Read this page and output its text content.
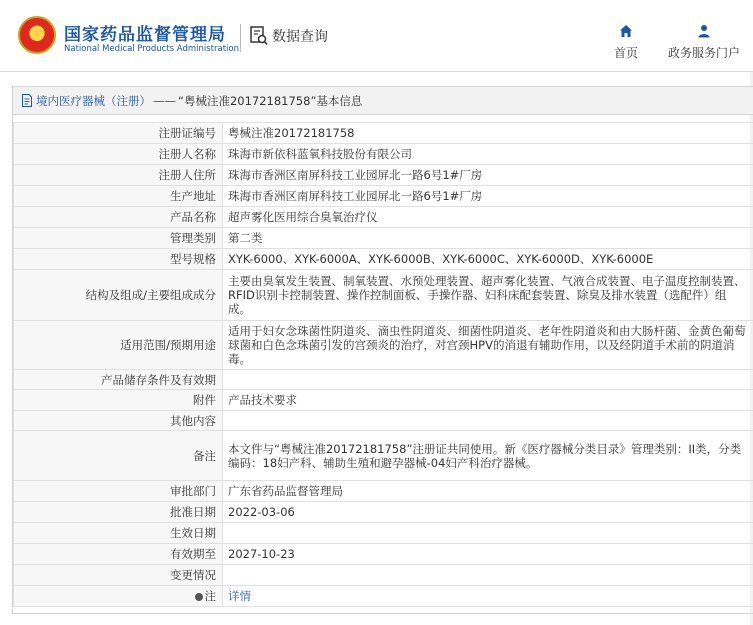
★ 国家药品监督管理局
National Medical Products Administration
数据查询
首页	政务服务门户
境内医疗器械（注册） —— “粤械注准20172181758”基本信息
注册证编号	粤械注准20172181758
注册人名称	珠海市新依科蓝氧科技股份有限公司
注册人住所	珠海市香洲区南屏科技工业园屏北一路6号1#厂房
生产地址	珠海市香洲区南屏科技工业园屏北一路6号1#厂房
产品名称	超声雾化医用综合臭氧治疗仪
管理类别	第二类
型号规格	XYK-6000、XYK-6000A、XYK-6000B、XYK-6000C、XYK-6000D、XYK-6000E
结构及组成/主要组成成分	主要由臭氧发生装置、制氧装置、水预处理装置、超声雾化装置、气液合成装置、电子温度控制装置、RFID识别卡控制装置、操作控制面板、手操作器、妇科床配套装置、除臭及排水装置（选配件）组成。
适用范围/预期用途	适用于妇女念珠菌性阴道炎、滴虫性阴道炎、细菌性阴道炎、老年性阴道炎和由大肠杆菌、金黄色葡萄球菌和白色念珠菌引发的宫颈炎的治疗，对宫颈HPV的消退有辅助作用，以及经阴道手术前的阴道消毒。
产品储存条件及有效期	
附件	产品技术要求
其他内容	
备注	本文件与“粤械注准20172181758”注册证共同使用。新《医疗器械分类目录》管理类别：II类，分类编码：18妇产科、辅助生殖和避孕器械-04妇产科治疗器械。
审批部门	广东省药品监督管理局
批准日期	2022-03-06
生效日期	
有效期至	2027-10-23
变更情况	
注	详情
